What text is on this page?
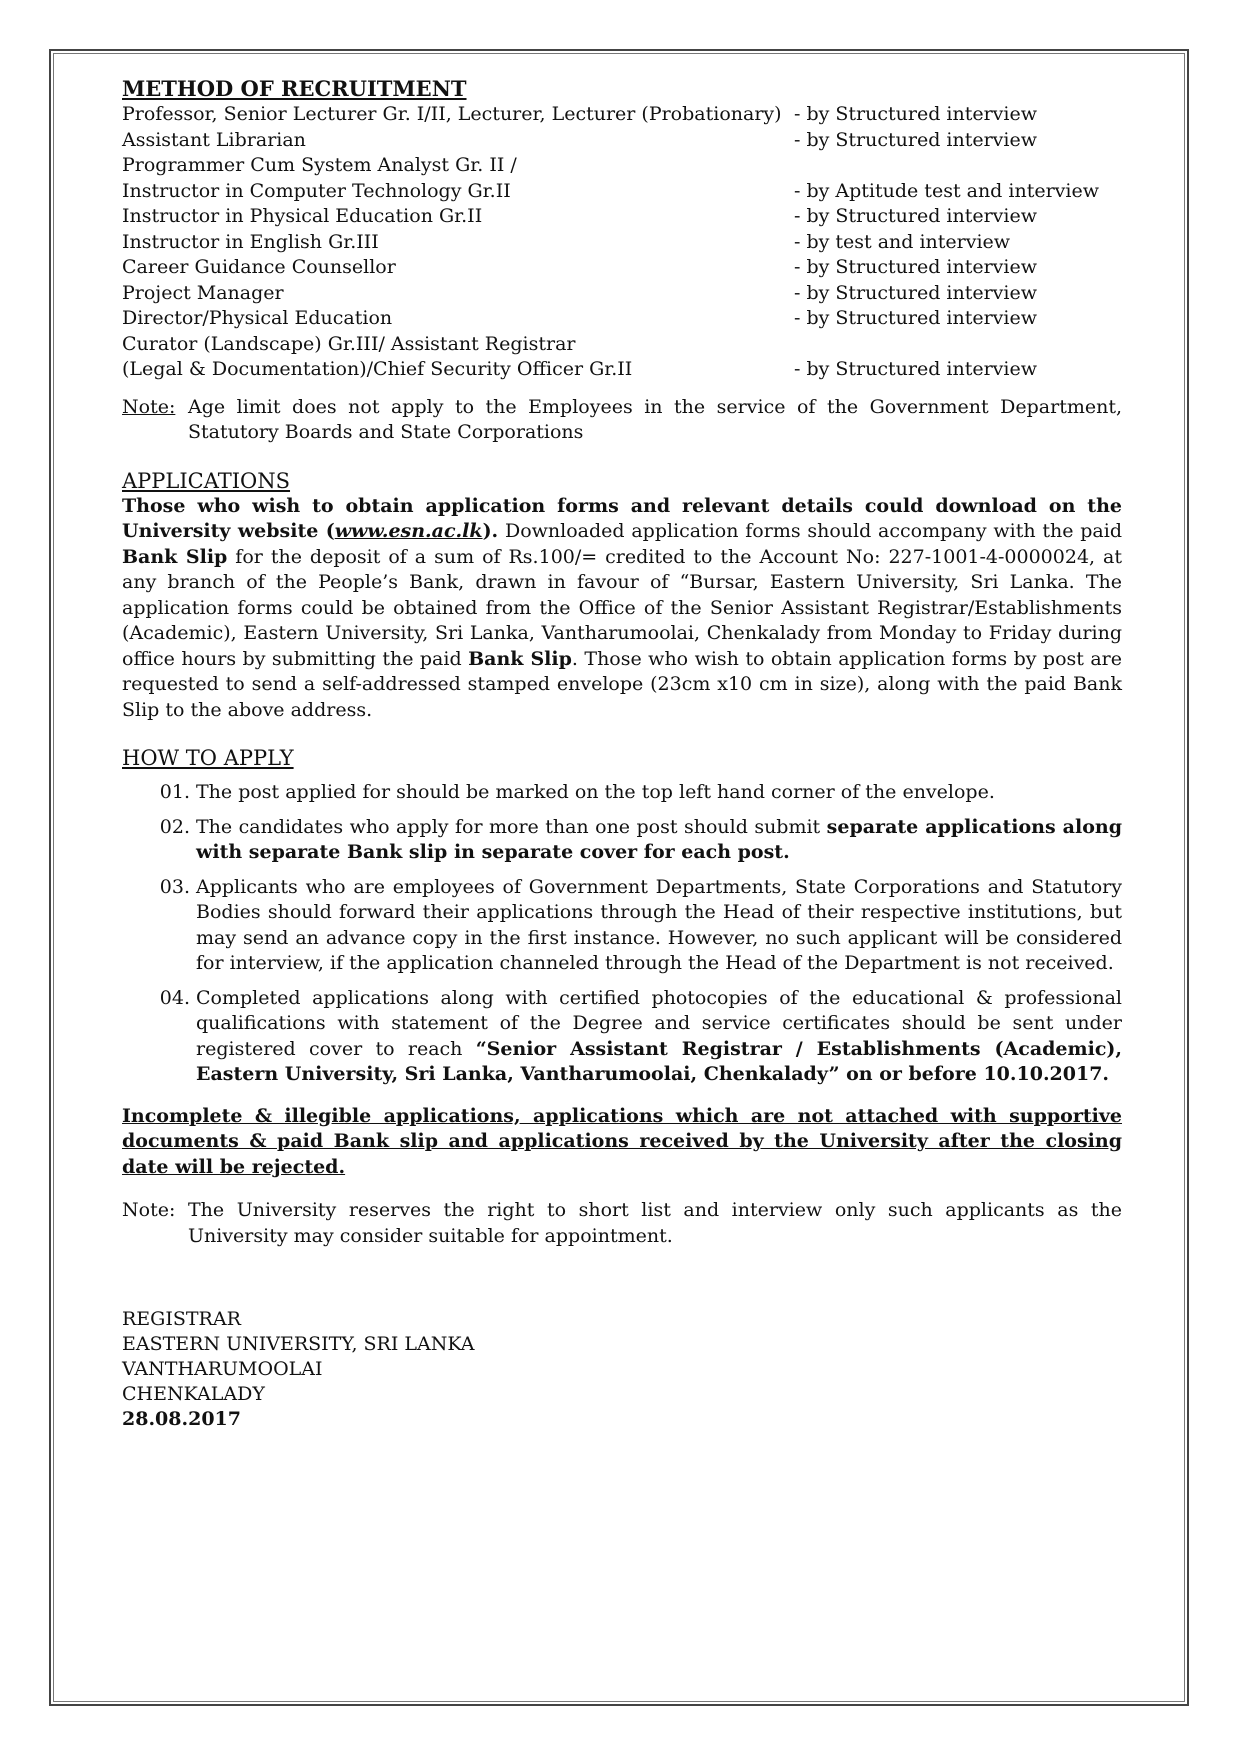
METHOD OF RECRUITMENT
Professor, Senior Lecturer Gr. I/II, Lecturer, Lecturer (Probationary) - by Structured interview
Assistant Librarian	- by Structured interview
Programmer Cum System Analyst Gr. II /
Instructor in Computer Technology Gr.II	- by Aptitude test and interview
Instructor in Physical Education Gr.II	- by Structured interview
Instructor in English Gr.III	- by test and interview
Career Guidance Counsellor	- by Structured interview
Project Manager	- by Structured interview
Director/Physical Education	- by Structured interview
Curator (Landscape) Gr.III/ Assistant Registrar
(Legal & Documentation)/Chief Security Officer Gr.II	- by Structured interview
Note: Age limit does not apply to the Employees in the service of the Government Department, Statutory Boards and State Corporations
APPLICATIONS

Those who wish to obtain application forms and relevant details could download on the University website (www.esn.ac.lk). Downloaded application forms should accompany with the paid Bank Slip for the deposit of a sum of Rs.100/= credited to the Account No: 227-1001-4-0000024, at any branch of the People’s Bank, drawn in favour of “Bursar, Eastern University, Sri Lanka. The application forms could be obtained from the Office of the Senior Assistant Registrar/Establishments (Academic), Eastern University, Sri Lanka, Vantharumoolai, Chenkalady from Monday to Friday during office hours by submitting the paid Bank Slip. Those who wish to obtain application forms by post are requested to send a self-addressed stamped envelope (23cm x10 cm in size), along with the paid Bank Slip to the above address.

HOW TO APPLY
01. The post applied for should be marked on the top left hand corner of the envelope.
02. The candidates who apply for more than one post should submit separate applications along with separate Bank slip in separate cover for each post.
03. Applicants who are employees of Government Departments, State Corporations and Statutory Bodies should forward their applications through the Head of their respective institutions, but may send an advance copy in the first instance. However, no such applicant will be considered for interview, if the application channeled through the Head of the Department is not received.
04. Completed applications along with certified photocopies of the educational & professional qualifications with statement of the Degree and service certificates should be sent under registered cover to reach “Senior Assistant Registrar / Establishments (Academic), Eastern University, Sri Lanka, Vantharumoolai, Chenkalady” on or before 10.10.2017.
Incomplete & illegible applications, applications which are not attached with supportive documents & paid Bank slip and applications received by the University after the closing date will be rejected.
Note: The University reserves the right to short list and interview only such applicants as the University may consider suitable for appointment.
REGISTRAR
EASTERN UNIVERSITY, SRI LANKA
VANTHARUMOOLAI
CHENKALADY
28.08.2017
